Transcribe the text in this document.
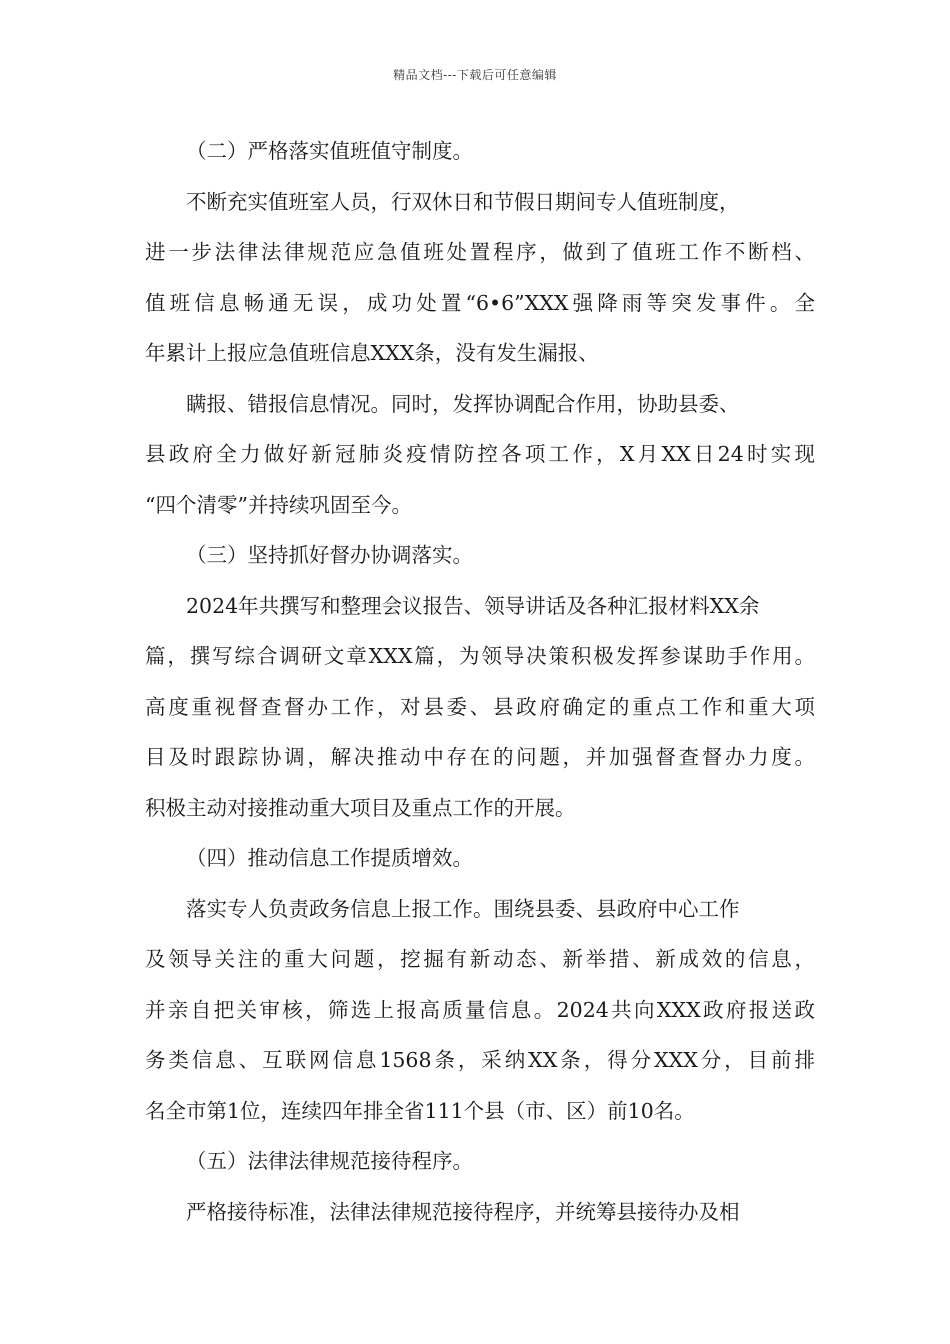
精品文档---下载后可任意编辑
（二）严格落实值班值守制度。
不断充实值班室人员，行双休日和节假日期间专人值班制度，
进一步法律法律规范应急值班处置程序，做到了值班工作不断档、
值班信息畅通无误，成功处置“6•6”XXX强降雨等突发事件。全
年累计上报应急值班信息XXX条，没有发生漏报、
瞒报、错报信息情况。同时，发挥协调配合作用，协助县委、
县政府全力做好新冠肺炎疫情防控各项工作，X月XX日24时实现
“四个清零”并持续巩固至今。
（三）坚持抓好督办协调落实。
2024年共撰写和整理会议报告、领导讲话及各种汇报材料XX余
篇，撰写综合调研文章XXX篇，为领导决策积极发挥参谋助手作用。
高度重视督查督办工作，对县委、县政府确定的重点工作和重大项
目及时跟踪协调，解决推动中存在的问题，并加强督查督办力度。
积极主动对接推动重大项目及重点工作的开展。
（四）推动信息工作提质增效。
落实专人负责政务信息上报工作。围绕县委、县政府中心工作
及领导关注的重大问题，挖掘有新动态、新举措、新成效的信息，
并亲自把关审核，筛选上报高质量信息。2024共向XXX政府报送政
务类信息、互联网信息1568条，采纳XX条，得分XXX分，目前排
名全市第1位，连续四年排全省111个县（市、区）前10名。
（五）法律法律规范接待程序。
严格接待标准，法律法律规范接待程序，并统筹县接待办及相
